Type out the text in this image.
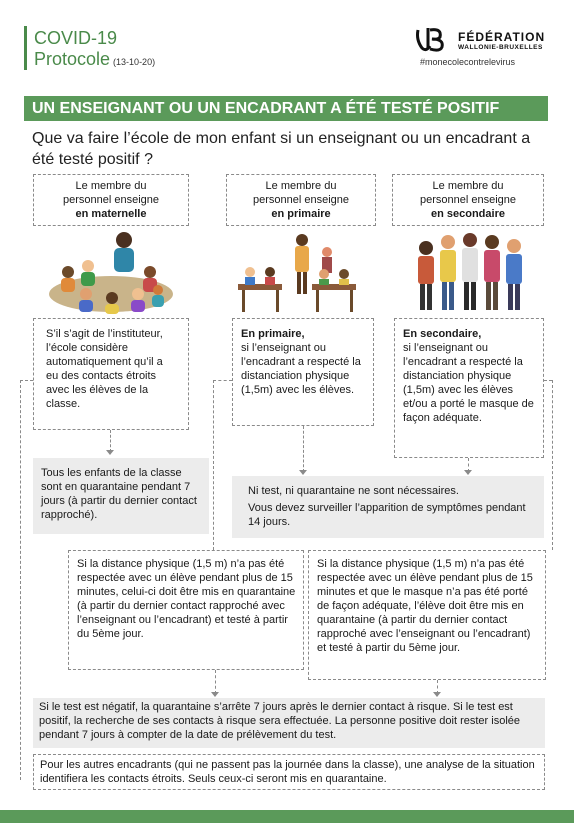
COVID-19
Protocole (13-10-20)
FÉDÉRATION
WALLONIE-BRUXELLES
#monecolecontrelevirus
UN ENSEIGNANT OU UN ENCADRANT A ÉTÉ TESTÉ POSITIF
Que va faire l’école de mon enfant si un enseignant ou un encadrant a été testé positif ?
Le membre du
personnel enseigne
en maternelle
Le membre du
personnel enseigne
en primaire
Le membre du
personnel enseigne
en secondaire
S’il s’agit de l’instituteur, l’école considère automatiquement qu’il a eu des contacts étroits avec les élèves de la classe.
En primaire,
si l’enseignant ou l’encadrant a respecté la distanciation physique (1,5m) avec les élèves.
En secondaire,
si l’enseignant ou l’encadrant a respecté la distanciation physique (1,5m) avec les élèves et/ou a porté le masque de façon adéquate.
Tous les enfants de la classe sont en quarantaine pendant 7 jours (à partir du dernier contact rapproché).
Ni test, ni quarantaine ne sont nécessaires.
Vous devez surveiller l’apparition de symptômes pendant 14 jours.
Si la distance physique (1,5 m) n’a pas été respectée avec un élève pendant plus de 15 minutes, celui-ci doit être mis en quarantaine (à partir du dernier contact rapproché avec l’enseignant ou l’encadrant) et testé à partir du 5ème jour.
Si la distance physique (1,5 m) n’a pas été respectée avec un élève pendant plus de 15 minutes et que le masque n’a pas été porté de façon adéquate, l’élève doit être mis en quarantaine (à partir du dernier contact rapproché avec l’enseignant ou l’encadrant) et testé à partir du 5ème jour.
Si le test est négatif, la quarantaine s’arrête 7 jours après le dernier contact à risque. Si le test est positif, la recherche de ses contacts à risque sera effectuée. La personne positive doit rester isolée pendant 7 jours à compter de la date de prélèvement du test.
Pour les autres encadrants (qui ne passent pas la journée dans la classe), une analyse de la situation identifiera les contacts étroits. Seuls ceux-ci seront mis en quarantaine.
